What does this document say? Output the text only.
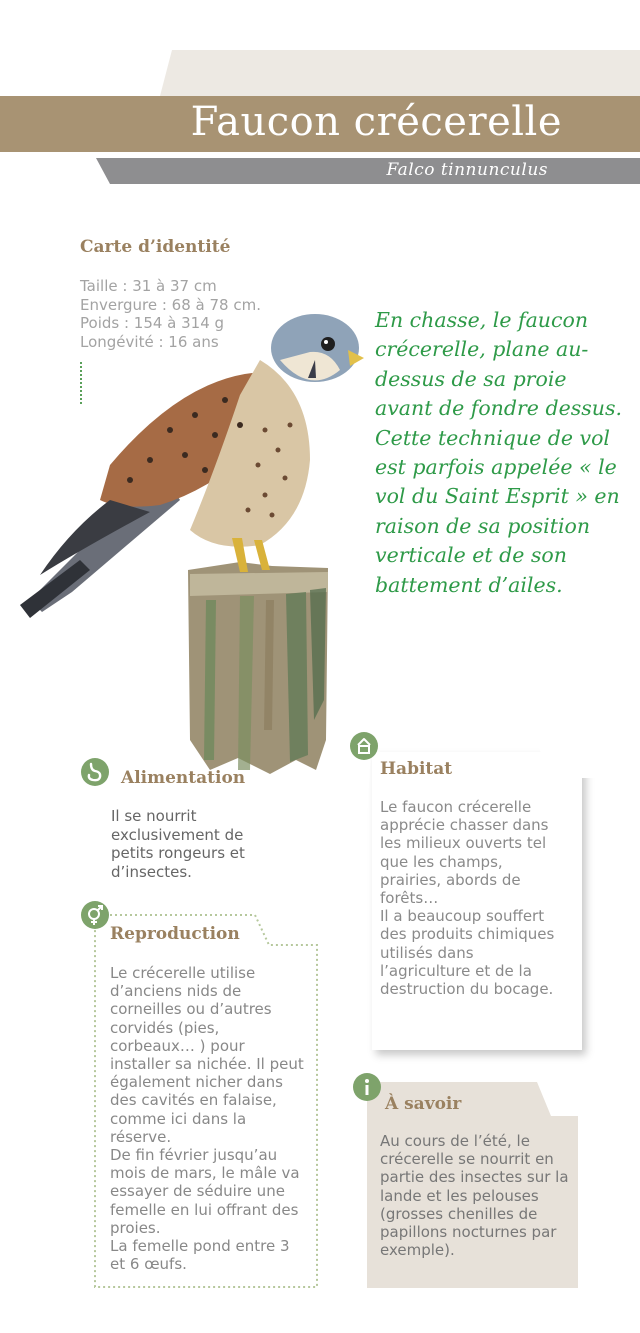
Faucon crécerelle
Falco tinnunculus
Carte d’identité
Taille : 31 à 37 cm
Envergure : 68 à 78 cm.
Poids : 154 à 314 g
Longévité : 16 ans
En chasse, le faucon crécerelle, plane au-dessus de sa proie avant de fondre dessus. Cette technique de vol est parfois appelée « le vol du Saint Esprit » en raison de sa position verticale et de son battement d’ailes.
Alimentation
Il se nourrit exclusivement de petits rongeurs et d’insectes.
Reproduction
Le crécerelle utilise d’anciens nids de corneilles ou d’autres corvidés (pies, corbeaux… ) pour installer sa nichée. Il peut également nicher dans des cavités en falaise, comme ici dans la réserve.
De fin février jusqu’au mois de mars, le mâle va essayer de séduire une femelle en lui offrant des proies.
La femelle pond entre 3 et 6 œufs.
Habitat
Le faucon crécerelle apprécie chasser dans les milieux ouverts tel que les champs, prairies, abords de forêts…
Il a beaucoup souffert des produits chimiques utilisés dans l’agriculture et de la destruction du bocage.
À savoir
Au cours de l’été, le crécerelle se nourrit en partie des insectes sur la lande et les pelouses (grosses chenilles de papillons nocturnes par exemple).
